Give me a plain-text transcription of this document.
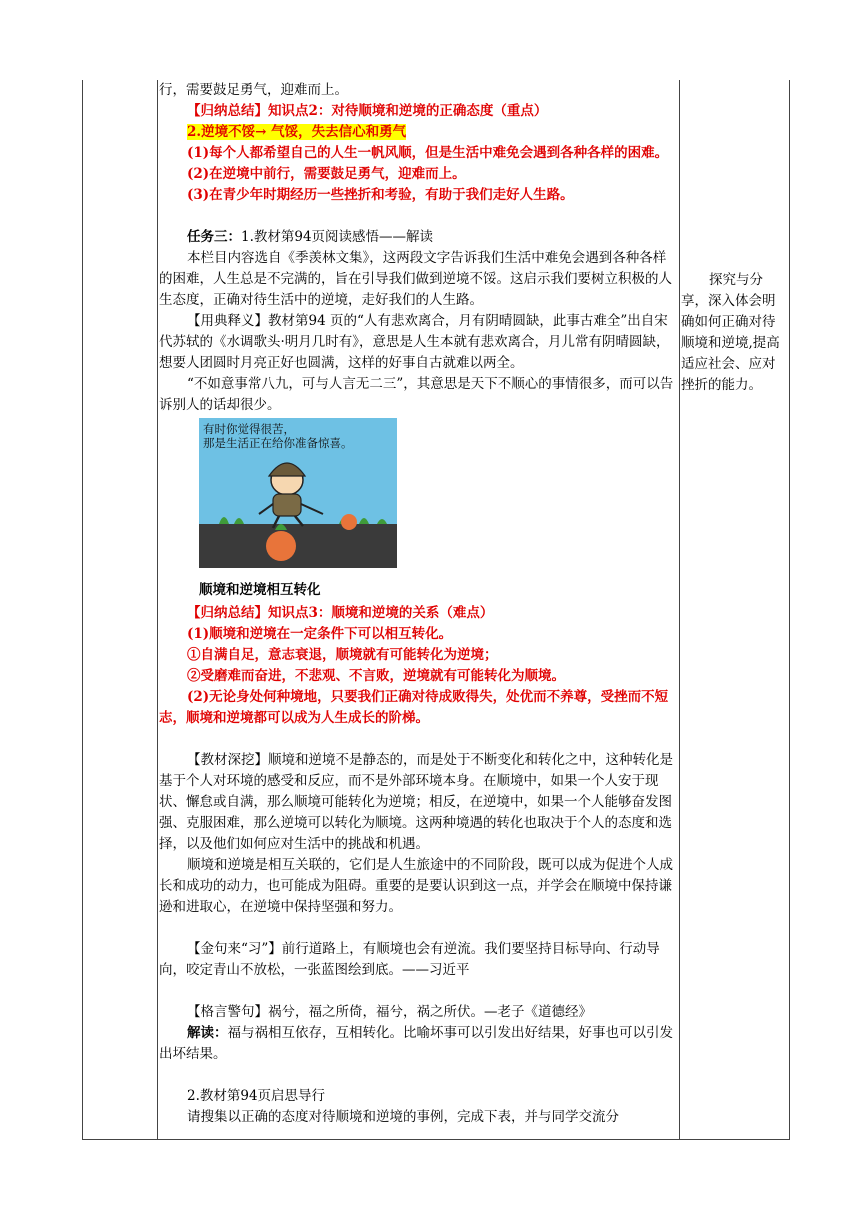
行，需要鼓足勇气，迎难而上。

【归纳总结】知识点2：对待顺境和逆境的正确态度（重点）

2.逆境不馁→ 气馁，失去信心和勇气

(1)每个人都希望自己的人生一帆风顺，但是生活中难免会遇到各种各样的困难。

(2)在逆境中前行，需要鼓足勇气，迎难而上。

(3)在青少年时期经历一些挫折和考验，有助于我们走好人生路。

任务三：1.教材第94页阅读感悟——解读

本栏目内容选自《季羡林文集》，这两段文字告诉我们生活中难免会遇到各种各样的困难，人生总是不完满的，旨在引导我们做到逆境不馁。这启示我们要树立积极的人生态度，正确对待生活中的逆境，走好我们的人生路。

【用典释义】教材第94 页的“人有悲欢离合，月有阴晴圆缺，此事古难全”出自宋代苏轼的《水调歌头·明月几时有》，意思是人生本就有悲欢离合，月儿常有阴晴圆缺，想要人团圆时月亮正好也圆满，这样的好事自古就难以两全。

“不如意事常八九，可与人言无二三”，其意思是天下不顺心的事情很多，而可以告诉别人的话却很少。

有时你觉得很苦，
那是生活正在给你准备惊喜。
顺境和逆境相互转化

【归纳总结】知识点3：顺境和逆境的关系（难点）

(1)顺境和逆境在一定条件下可以相互转化。

①自满自足，意志衰退，顺境就有可能转化为逆境；

②受磨难而奋进，不悲观、不言败，逆境就有可能转化为顺境。

(2)无论身处何种境地，只要我们正确对待成败得失，处优而不养尊，受挫而不短志，顺境和逆境都可以成为人生成长的阶梯。

【教材深挖】顺境和逆境不是静态的，而是处于不断变化和转化之中，这种转化是基于个人对环境的感受和反应，而不是外部环境本身。在顺境中，如果一个人安于现状、懈怠或自满，那么顺境可能转化为逆境；相反，在逆境中，如果一个人能够奋发图强、克服困难，那么逆境可以转化为顺境。这两种境遇的转化也取决于个人的态度和选择，以及他们如何应对生活中的挑战和机遇。

顺境和逆境是相互关联的，它们是人生旅途中的不同阶段，既可以成为促进个人成长和成功的动力，也可能成为阻碍。重要的是要认识到这一点，并学会在顺境中保持谦逊和进取心，在逆境中保持坚强和努力。

【金句来“习”】前行道路上，有顺境也会有逆流。我们要坚持目标导向、行动导向，咬定青山不放松，一张蓝图绘到底。——习近平

【格言警句】祸兮，福之所倚，福兮，祸之所伏。—老子《道德经》

解读：福与祸相互依存，互相转化。比喻坏事可以引发出好结果，好事也可以引发出坏结果。

2.教材第94页启思导行

请搜集以正确的态度对待顺境和逆境的事例，完成下表，并与同学交流分

探究与分享，深入体会明确如何正确对待顺境和逆境,提高适应社会、应对挫折的能力。
